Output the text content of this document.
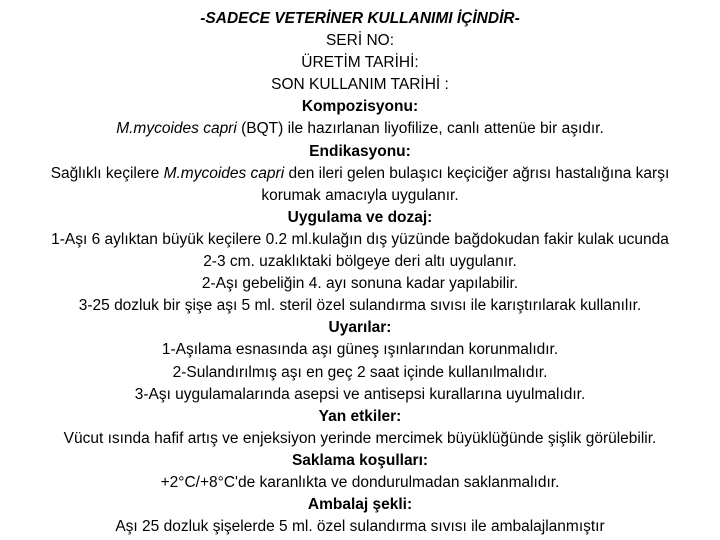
-SADECE VETERİNER KULLANIMI İÇİNDİR-
SERİ NO:
ÜRETİM TARİHİ:
SON KULLANIM TARİHİ :
Kompozisyonu:
M.mycoides capri (BQT) ile hazırlanan liyofilize, canlı attenüe bir aşıdır.
Endikasyonu:
Sağlıklı keçilere M.mycoides capri den ileri gelen bulaşıcı keçiciğer ağrısı hastalığına karşı
korumak amacıyla uygulanır.
Uygulama ve dozaj:
1-Aşı 6 aylıktan büyük keçilere 0.2 ml.kulağın dış yüzünde bağdokudan fakir kulak ucunda
2-3 cm. uzaklıktaki bölgeye deri altı uygulanır.
2-Aşı gebeliğin 4. ayı sonuna kadar yapılabilir.
3-25 dozluk bir şişe aşı 5 ml. steril özel sulandırma sıvısı ile karıştırılarak kullanılır.
Uyarılar:
1-Aşılama esnasında aşı güneş ışınlarından korunmalıdır.
2-Sulandırılmış aşı en geç 2 saat içinde kullanılmalıdır.
3-Aşı uygulamalarında asepsi ve antisepsi kurallarına uyulmalıdır.
Yan etkiler:
Vücut ısında hafif artış ve enjeksiyon yerinde mercimek büyüklüğünde şişlik görülebilir.
Saklama koşulları:
+2°C/+8°C'de karanlıkta ve dondurulmadan saklanmalıdır.
Ambalaj şekli:
Aşı 25 dozluk şişelerde 5 ml. özel sulandırma sıvısı ile ambalajlanmıştır
